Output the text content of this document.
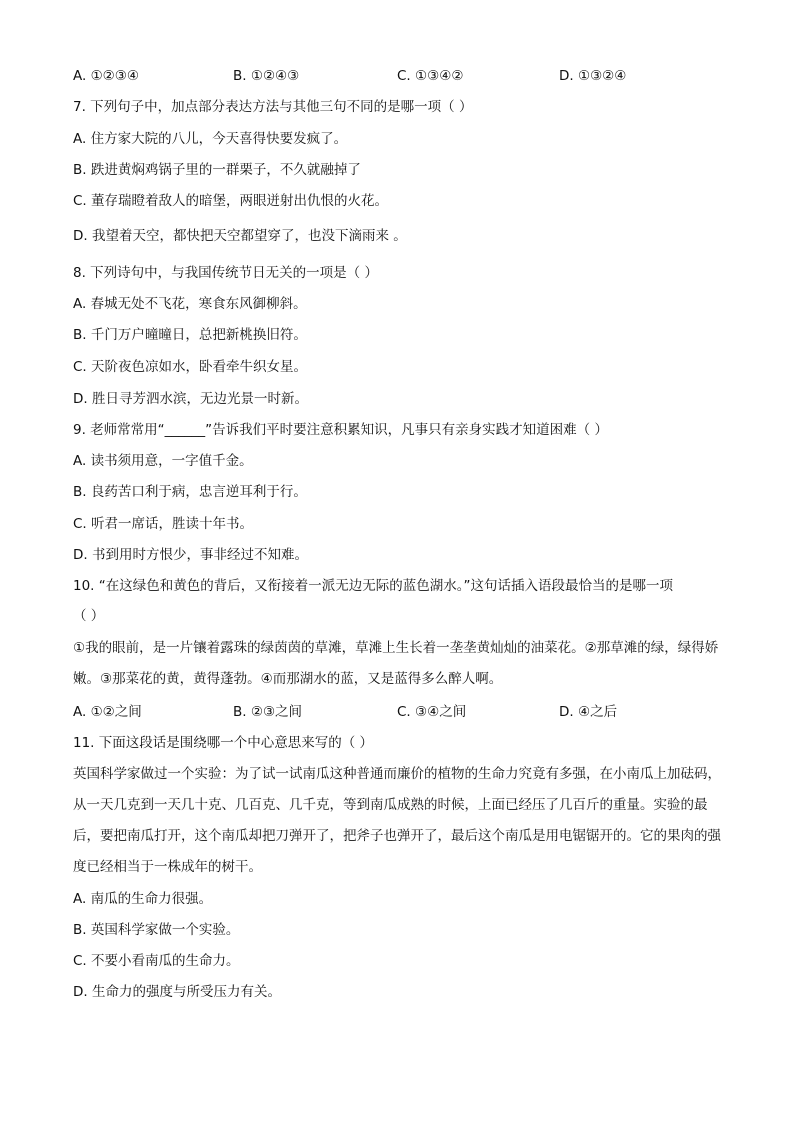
A. ①②③④	B. ①②④③	C. ①③④②	D. ①③②④
7. 下列句子中，加点部分表达方法与其他三句不同的是哪一项（ ）
A. 住方家大院的八儿，今天喜得快要发疯了。
B. 跌进黄焖鸡锅子里的一群栗子，不久就融掉了
C. 董存瑞瞪着敌人的暗堡，两眼迸射出仇恨的火花。
D. 我望着天空，都快把天空都望穿了，也没下滴雨来 。
8. 下列诗句中，与我国传统节日无关的一项是（ ）
A. 春城无处不飞花，寒食东风御柳斜。
B. 千门万户曈曈日，总把新桃换旧符。
C. 天阶夜色凉如水，卧看牵牛织女星。
D. 胜日寻芳泗水滨，无边光景一时新。
9. 老师常常用“______”告诉我们平时要注意积累知识，凡事只有亲身实践才知道困难（ ）
A. 读书须用意，一字值千金。
B. 良药苦口利于病，忠言逆耳利于行。
C. 听君一席话，胜读十年书。
D. 书到用时方恨少，事非经过不知难。
10. “在这绿色和黄色的背后，又衔接着一派无边无际的蓝色湖水。”这句话插入语段最恰当的是哪一项
（ ）
①我的眼前，是一片镶着露珠的绿茵茵的草滩，草滩上生长着一垄垄黄灿灿的油菜花。②那草滩的绿，绿得娇嫩。③那菜花的黄，黄得蓬勃。④而那湖水的蓝，又是蓝得多么醉人啊。
A. ①②之间	B. ②③之间	C. ③④之间	D. ④之后
11. 下面这段话是围绕哪一个中心意思来写的（ ）
英国科学家做过一个实验：为了试一试南瓜这种普通而廉价的植物的生命力究竟有多强，在小南瓜上加砝码，从一天几克到一天几十克、几百克、几千克，等到南瓜成熟的时候，上面已经压了几百斤的重量。实验的最后，要把南瓜打开，这个南瓜却把刀弹开了，把斧子也弹开了，最后这个南瓜是用电锯锯开的。它的果肉的强度已经相当于一株成年的树干。
A. 南瓜的生命力很强。
B. 英国科学家做一个实验。
C. 不要小看南瓜的生命力。
D. 生命力的强度与所受压力有关。
